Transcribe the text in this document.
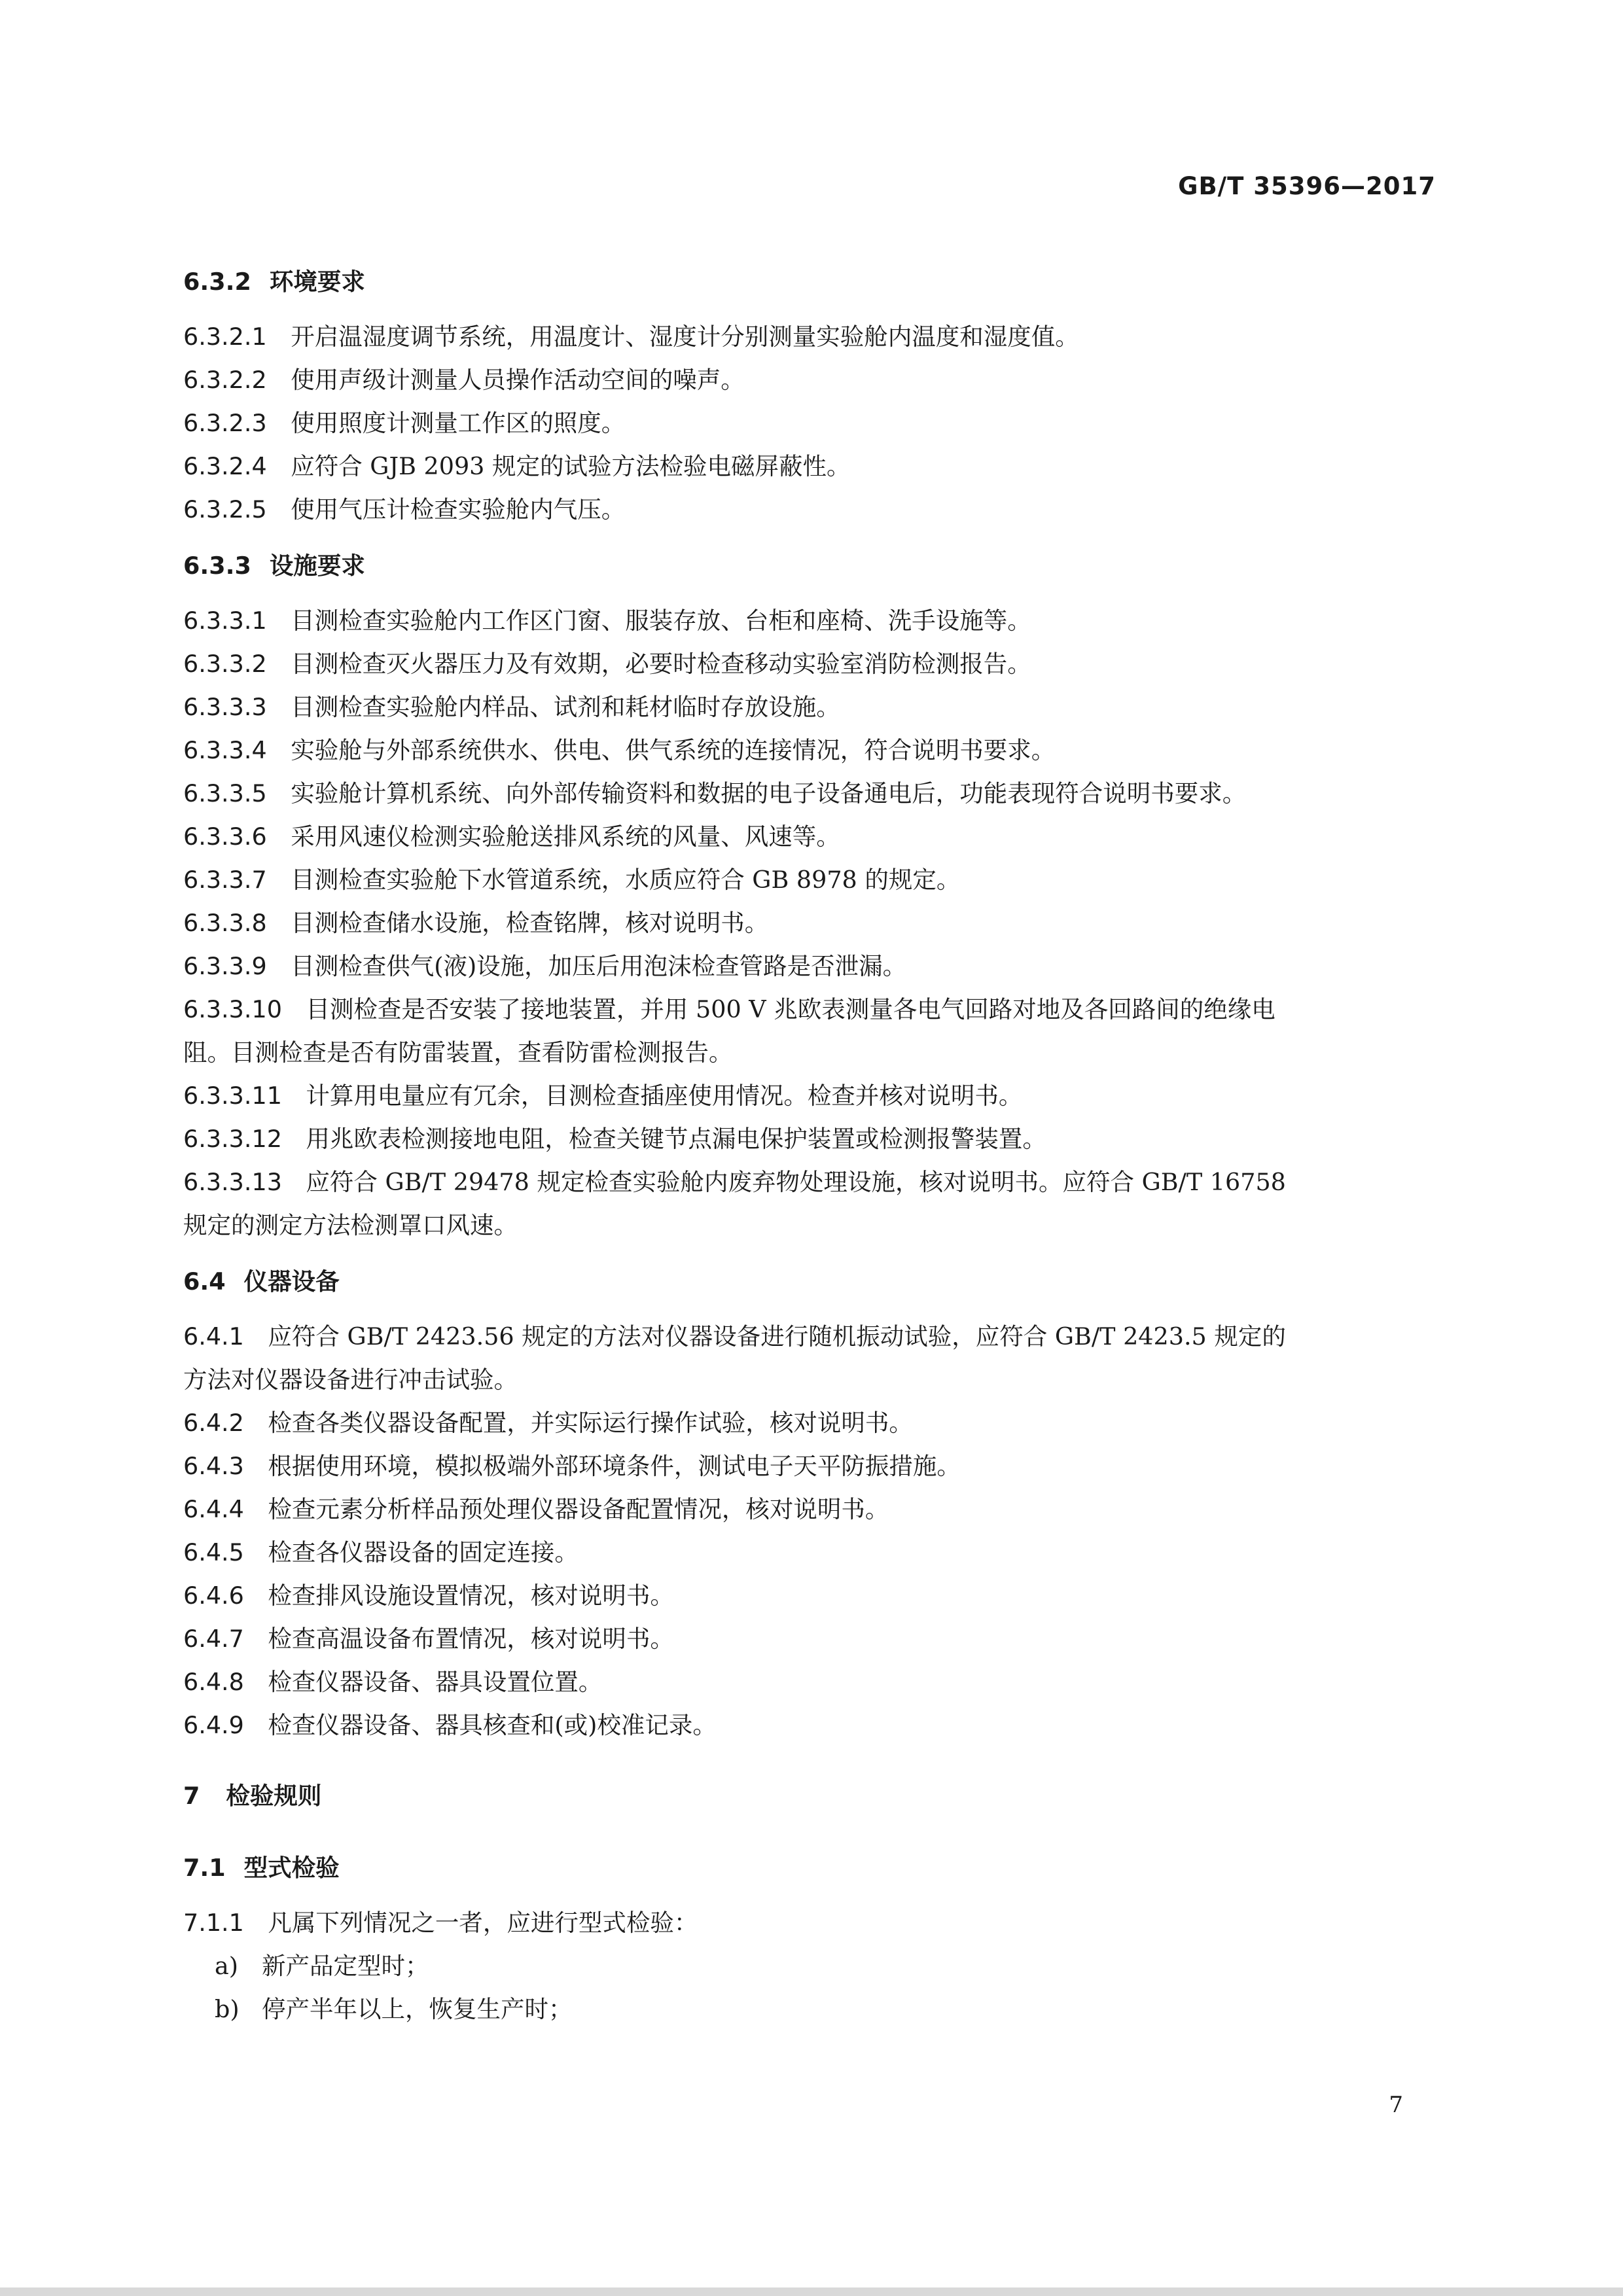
GB/T 35396—2017
6.3.2 环境要求
6.3.2.1　 开启温湿度调节系统，用温度计、湿度计分别测量实验舱内温度和湿度值。
6.3.2.2　 使用声级计测量人员操作活动空间的噪声。
6.3.2.3　 使用照度计测量工作区的照度。
6.3.2.4　 应符合 GJB 2093 规定的试验方法检验电磁屏蔽性。
6.3.2.5　 使用气压计检查实验舱内气压。
6.3.3 设施要求
6.3.3.1　 目测检查实验舱内工作区门窗、服装存放、台柜和座椅、洗手设施等。
6.3.3.2　 目测检查灭火器压力及有效期，必要时检查移动实验室消防检测报告。
6.3.3.3　 目测检查实验舱内样品、试剂和耗材临时存放设施。
6.3.3.4　 实验舱与外部系统供水、供电、供气系统的连接情况，符合说明书要求。
6.3.3.5　 实验舱计算机系统、向外部传输资料和数据的电子设备通电后，功能表现符合说明书要求。
6.3.3.6　 采用风速仪检测实验舱送排风系统的风量、风速等。
6.3.3.7　 目测检查实验舱下水管道系统，水质应符合 GB 8978 的规定。
6.3.3.8　 目测检查储水设施，检查铭牌，核对说明书。
6.3.3.9　 目测检查供气(液)设施，加压后用泡沫检查管路是否泄漏。
6.3.3.10　 目测检查是否安装了接地装置，并用 500 V 兆欧表测量各电气回路对地及各回路间的绝缘电
阻。目测检查是否有防雷装置，查看防雷检测报告。
6.3.3.11　 计算用电量应有冗余，目测检查插座使用情况。检查并核对说明书。
6.3.3.12　 用兆欧表检测接地电阻，检查关键节点漏电保护装置或检测报警装置。
6.3.3.13　 应符合 GB/T 29478 规定检查实验舱内废弃物处理设施，核对说明书。应符合 GB/T 16758
规定的测定方法检测罩口风速。
6.4 仪器设备
6.4.1　 应符合 GB/T 2423.56 规定的方法对仪器设备进行随机振动试验，应符合 GB/T 2423.5 规定的
方法对仪器设备进行冲击试验。
6.4.2　 检查各类仪器设备配置，并实际运行操作试验，核对说明书。
6.4.3　 根据使用环境，模拟极端外部环境条件，测试电子天平防振措施。
6.4.4　 检查元素分析样品预处理仪器设备配置情况，核对说明书。
6.4.5　 检查各仪器设备的固定连接。
6.4.6　 检查排风设施设置情况，核对说明书。
6.4.7　 检查高温设备布置情况，核对说明书。
6.4.8　 检查仪器设备、器具设置位置。
6.4.9　 检查仪器设备、器具核查和(或)校准记录。
7 检验规则
7.1 型式检验
7.1.1　 凡属下列情况之一者，应进行型式检验：
a) 新产品定型时；
b) 停产半年以上，恢复生产时；
7
